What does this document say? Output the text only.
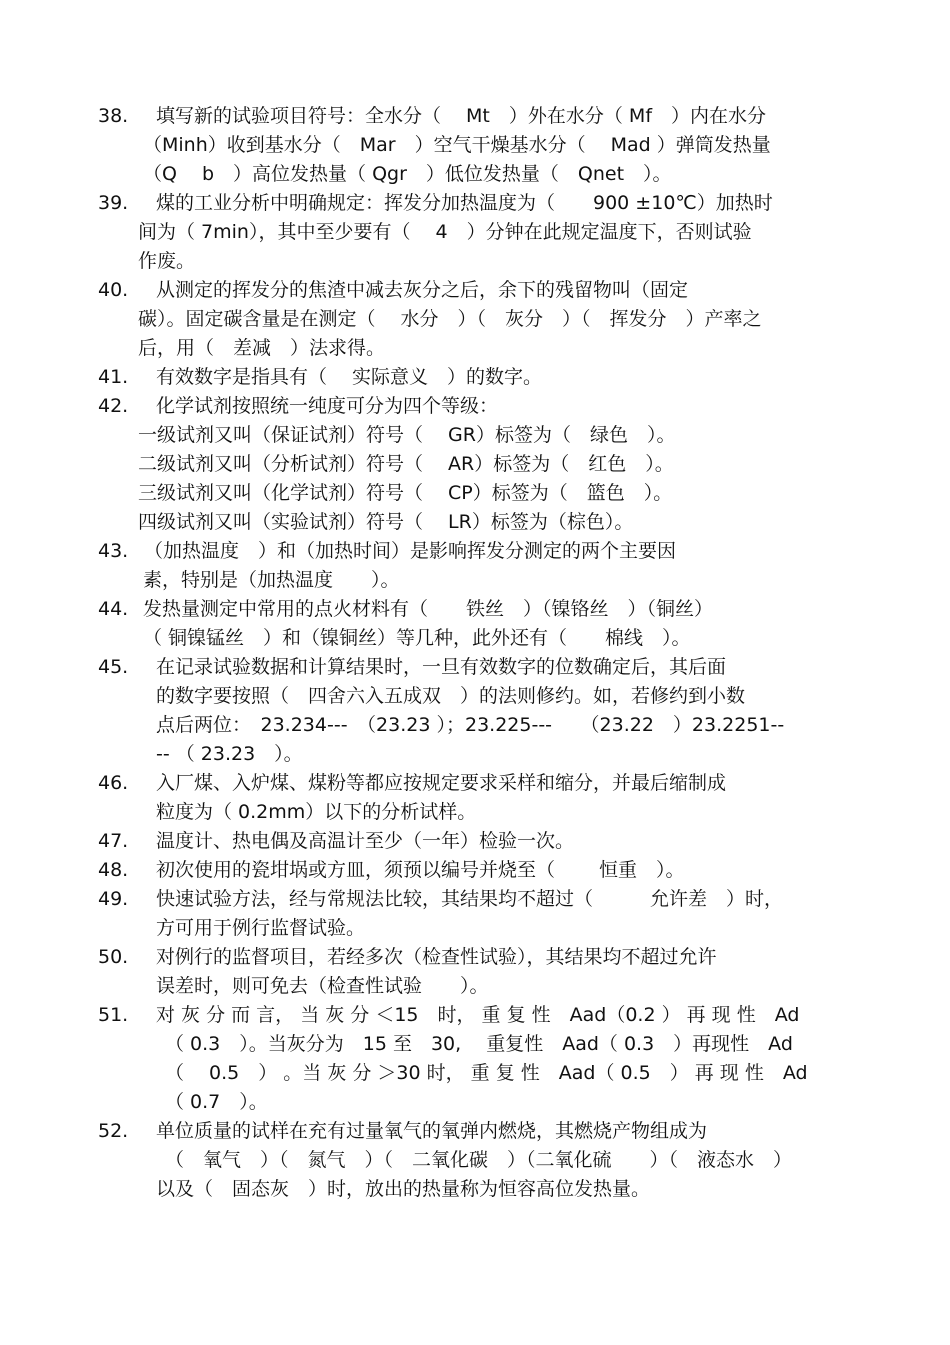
38. 填写新的试验项目符号：全水分（　 Mt　）外在水分（ Mf　）内在水分
（Minh）收到基水分（　Mar　）空气干燥基水分（　 Mad ）弹筒发热量
（Q　 b　）高位发热量（ Qgr　）低位发热量（　Qnet　）。
39. 煤的工业分析中明确规定：挥发分加热温度为（　　900 ±10℃）加热时
间为（ 7min），其中至少要有（　 4　）分钟在此规定温度下，否则试验
作废。
40. 从测定的挥发分的焦渣中减去灰分之后，余下的残留物叫（固定
碳）。固定碳含量是在测定（　 水分　）（　灰分　）（　挥发分　）产率之
后，用（　差减　）法求得。
41. 有效数字是指具有（　 实际意义　）的数字。
42. 化学试剂按照统一纯度可分为四个等级：
一级试剂又叫（保证试剂）符号（　 GR）标签为（　绿色　）。
二级试剂又叫（分析试剂）符号（　 AR）标签为（　红色　）。
三级试剂又叫（化学试剂）符号（　 CP）标签为（　篮色　）。
四级试剂又叫（实验试剂）符号（　 LR）标签为（棕色）。
43. （加热温度　）和（加热时间）是影响挥发分测定的两个主要因
素，特别是（加热温度　　）。
44. 发热量测定中常用的点火材料有（　　铁丝　）（镍铬丝　）（铜丝）
（ 铜镍锰丝　）和（镍铜丝）等几种，此外还有（　　棉线　）。
45. 在记录试验数据和计算结果时，一旦有效数字的位数确定后，其后面
的数字要按照（　四舍六入五成双　）的法则修约。如，若修约到小数
点后两位：　23.234---　（23.23 ）；23.225---　　（23.22　）23.2251--
-- （ 23.23　）。
46. 入厂煤、入炉煤、煤粉等都应按规定要求采样和缩分，并最后缩制成
粒度为（ 0.2mm）以下的分析试样。
47. 温度计、热电偶及高温计至少（一年）检验一次。
48. 初次使用的瓷坩埚或方皿，须预以编号并烧至（　　 恒重　）。
49. 快速试验方法，经与常规法比较，其结果均不超过（　　　允许差　）时，
方可用于例行监督试验。
50. 对例行的监督项目，若经多次（检查性试验），其结果均不超过允许
误差时，则可免去（检查性试验　　）。
51. 对 灰 分 而 言， 当 灰 分 ＜15　时， 重 复 性　Aad（0.2 ） 再 现 性　Ad
（ 0.3　）。当灰分为　15 至　30,　 重复性　Aad（ 0.3　）再现性　Ad
（　 0.5　） 。当 灰 分 ＞30 时， 重 复 性　Aad（ 0.5　） 再 现 性　Ad
（ 0.7　）。
52. 单位质量的试样在充有过量氧气的氧弹内燃烧，其燃烧产物组成为
（　氧气　）（　氮气　）（　二氧化碳　）（二氧化硫　　）（　液态水　）
以及（　固态灰　）时，放出的热量称为恒容高位发热量。
